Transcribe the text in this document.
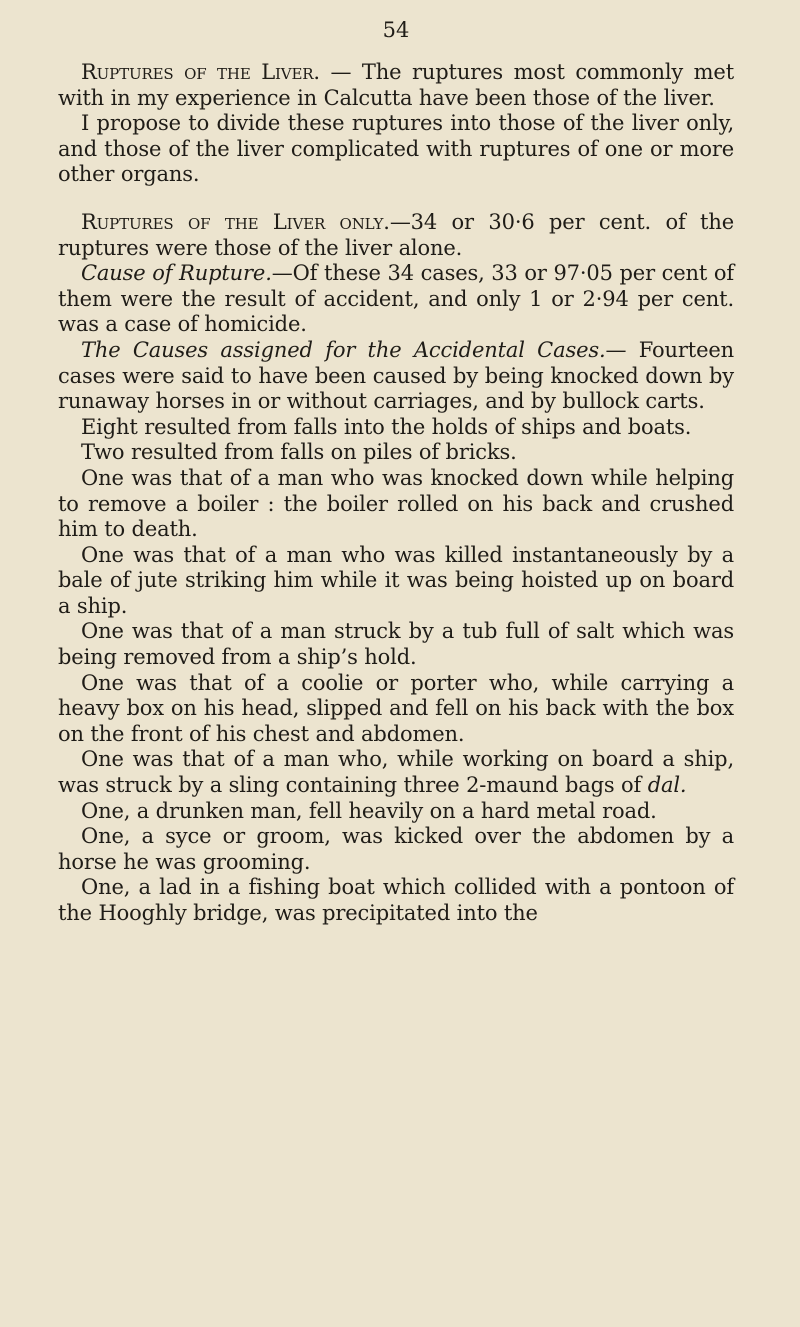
54

Ruptures of the Liver. — The ruptures most commonly met with in my experience in Calcutta have been those of the liver.

I propose to divide these ruptures into those of the liver only, and those of the liver complicated with ruptures of one or more other organs.

Ruptures of the Liver only.—34 or 30·6 per cent. of the ruptures were those of the liver alone.

Cause of Rupture.—Of these 34 cases, 33 or 97·05 per cent of them were the result of accident, and only 1 or 2·94 per cent. was a case of homicide.

The Causes assigned for the Accidental Cases.— Fourteen cases were said to have been caused by being knocked down by runaway horses in or without carriages, and by bullock carts.

Eight resulted from falls into the holds of ships and boats.

Two resulted from falls on piles of bricks.

One was that of a man who was knocked down while helping to remove a boiler : the boiler rolled on his back and crushed him to death.

One was that of a man who was killed instantaneously by a bale of jute striking him while it was being hoisted up on board a ship.

One was that of a man struck by a tub full of salt which was being removed from a ship’s hold.

One was that of a coolie or porter who, while carrying a heavy box on his head, slipped and fell on his back with the box on the front of his chest and abdomen.

One was that of a man who, while working on board a ship, was struck by a sling containing three 2-maund bags of dal.

One, a drunken man, fell heavily on a hard metal road.

One, a syce or groom, was kicked over the abdomen by a horse he was grooming.

One, a lad in a fishing boat which collided with a pontoon of the Hooghly bridge, was precipitated into the
